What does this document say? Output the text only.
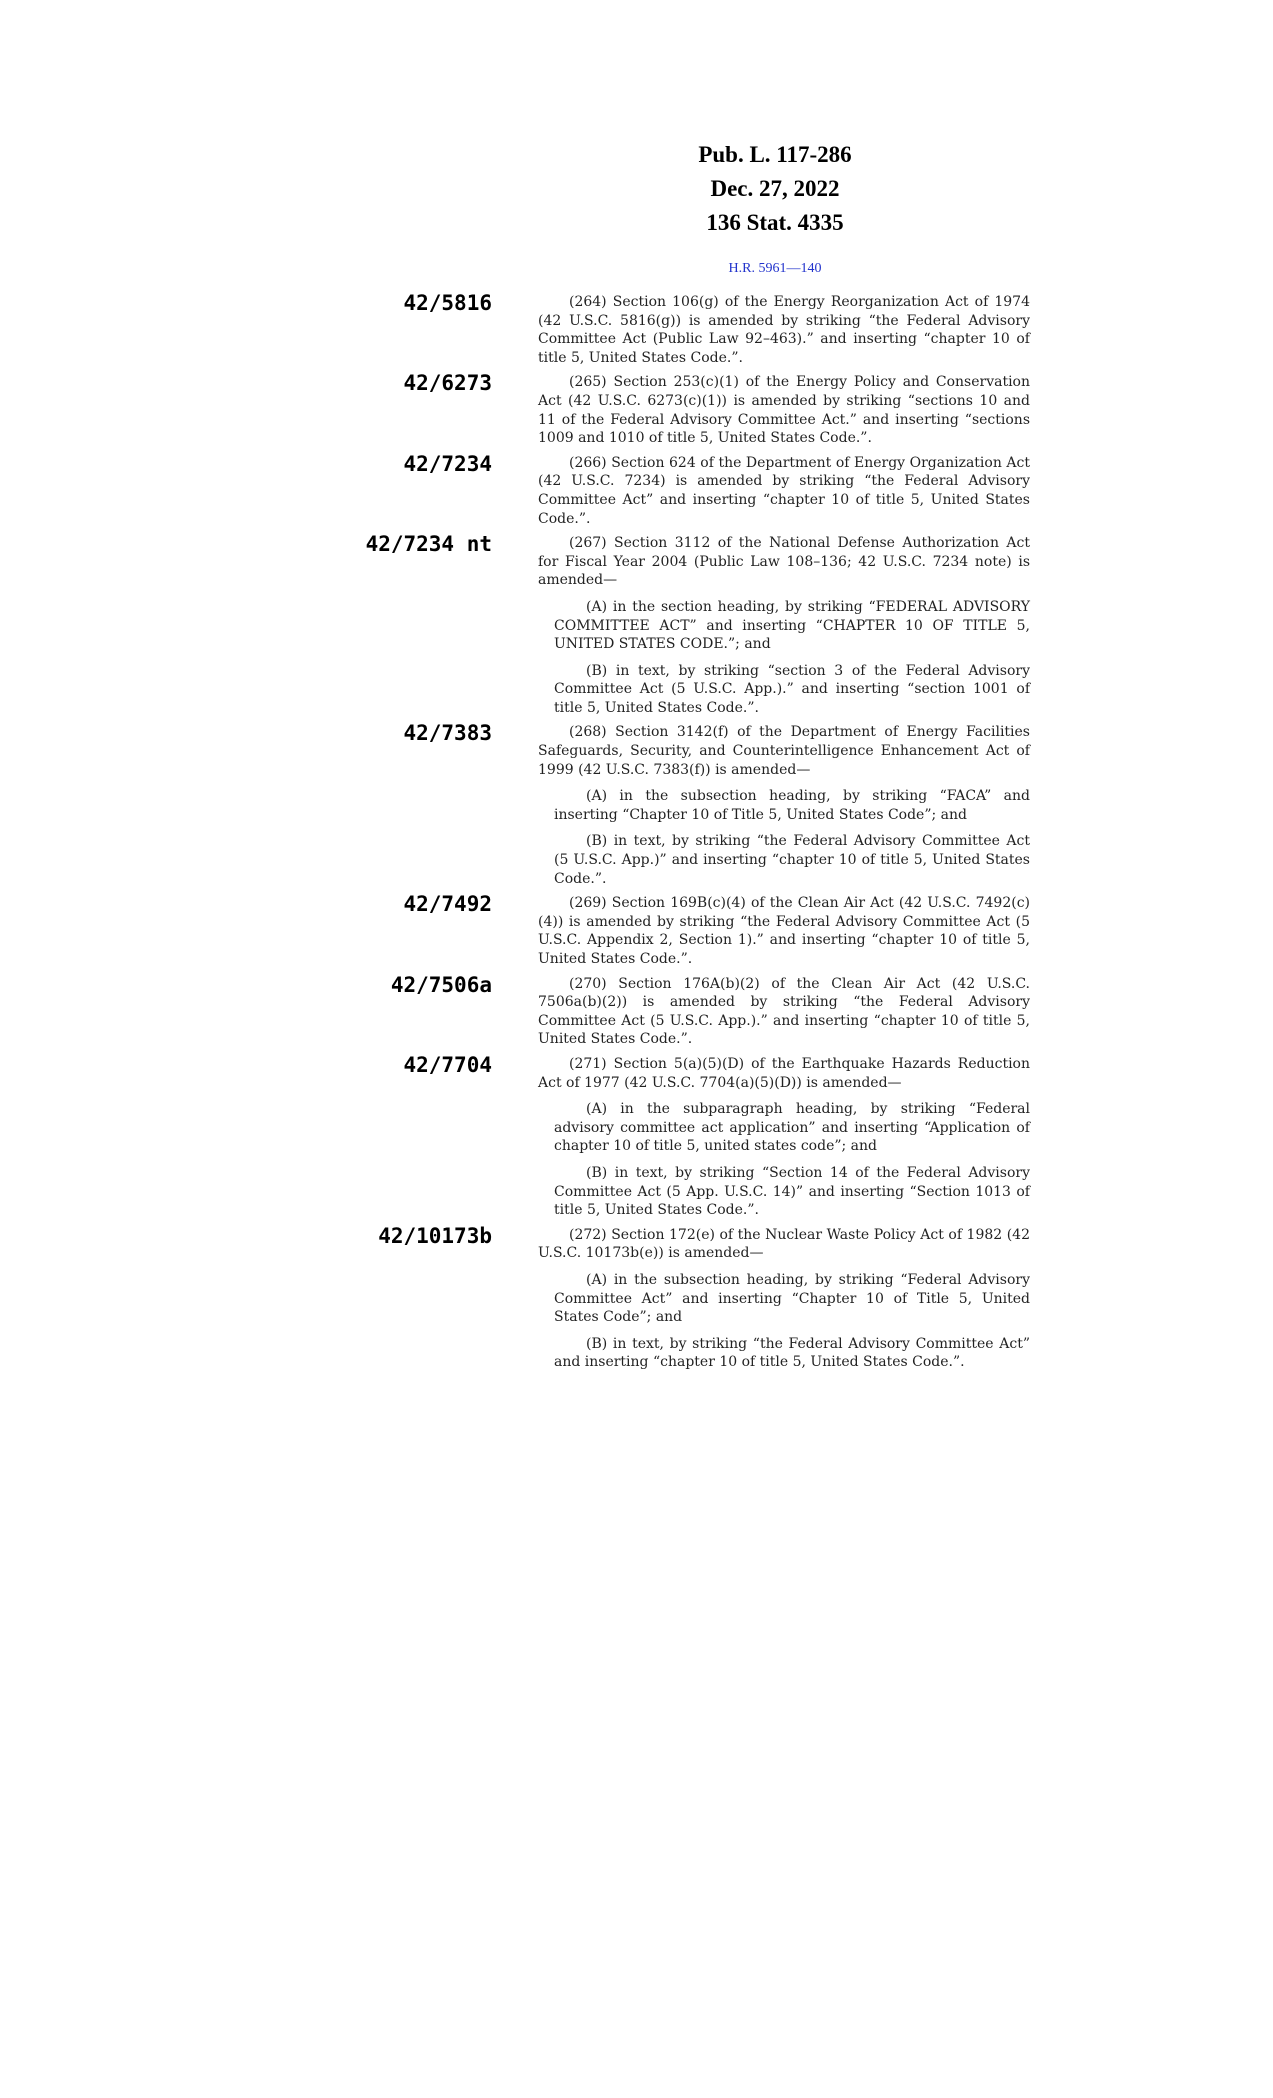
Pub. L. 117-286
Dec. 27, 2022
136 Stat. 4335
H.R. 5961—140
42/5816	(264) Section 106(g) of the Energy Reorganization Act of 1974 (42 U.S.C. 5816(g)) is amended by striking “the Federal Advisory Committee Act (Public Law 92–463).” and inserting “chapter 10 of title 5, United States Code.”.

42/6273	(265) Section 253(c)(1) of the Energy Policy and Conservation Act (42 U.S.C. 6273(c)(1)) is amended by striking “sections 10 and 11 of the Federal Advisory Committee Act.” and inserting “sections 1009 and 1010 of title 5, United States Code.”.

42/7234	(266) Section 624 of the Department of Energy Organization Act (42 U.S.C. 7234) is amended by striking “the Federal Advisory Committee Act” and inserting “chapter 10 of title 5, United States Code.”.

42/7234 nt	(267) Section 3112 of the National Defense Authorization Act for Fiscal Year 2004 (Public Law 108–136; 42 U.S.C. 7234 note) is amended—

(A) in the section heading, by striking “FEDERAL ADVISORY COMMITTEE ACT” and inserting “CHAPTER 10 OF TITLE 5, UNITED STATES CODE.”; and

(B) in text, by striking “section 3 of the Federal Advisory Committee Act (5 U.S.C. App.).” and inserting “section 1001 of title 5, United States Code.”.

42/7383	(268) Section 3142(f) of the Department of Energy Facilities Safeguards, Security, and Counterintelligence Enhancement Act of 1999 (42 U.S.C. 7383(f)) is amended—

(A) in the subsection heading, by striking “FACA” and inserting “Chapter 10 of Title 5, United States Code”; and

(B) in text, by striking “the Federal Advisory Committee Act (5 U.S.C. App.)” and inserting “chapter 10 of title 5, United States Code.”.

42/7492	(269) Section 169B(c)(4) of the Clean Air Act (42 U.S.C. 7492(c)(4)) is amended by striking “the Federal Advisory Committee Act (5 U.S.C. Appendix 2, Section 1).” and inserting “chapter 10 of title 5, United States Code.”.

42/7506a	(270) Section 176A(b)(2) of the Clean Air Act (42 U.S.C. 7506a(b)(2)) is amended by striking “the Federal Advisory Committee Act (5 U.S.C. App.).” and inserting “chapter 10 of title 5, United States Code.”.

42/7704	(271) Section 5(a)(5)(D) of the Earthquake Hazards Reduction Act of 1977 (42 U.S.C. 7704(a)(5)(D)) is amended—

(A) in the subparagraph heading, by striking “Federal advisory committee act application” and inserting “Application of chapter 10 of title 5, united states code”; and

(B) in text, by striking “Section 14 of the Federal Advisory Committee Act (5 App. U.S.C. 14)” and inserting “Section 1013 of title 5, United States Code.”.

42/10173b	(272) Section 172(e) of the Nuclear Waste Policy Act of 1982 (42 U.S.C. 10173b(e)) is amended—

(A) in the subsection heading, by striking “Federal Advisory Committee Act” and inserting “Chapter 10 of Title 5, United States Code”; and

(B) in text, by striking “the Federal Advisory Committee Act” and inserting “chapter 10 of title 5, United States Code.”.
